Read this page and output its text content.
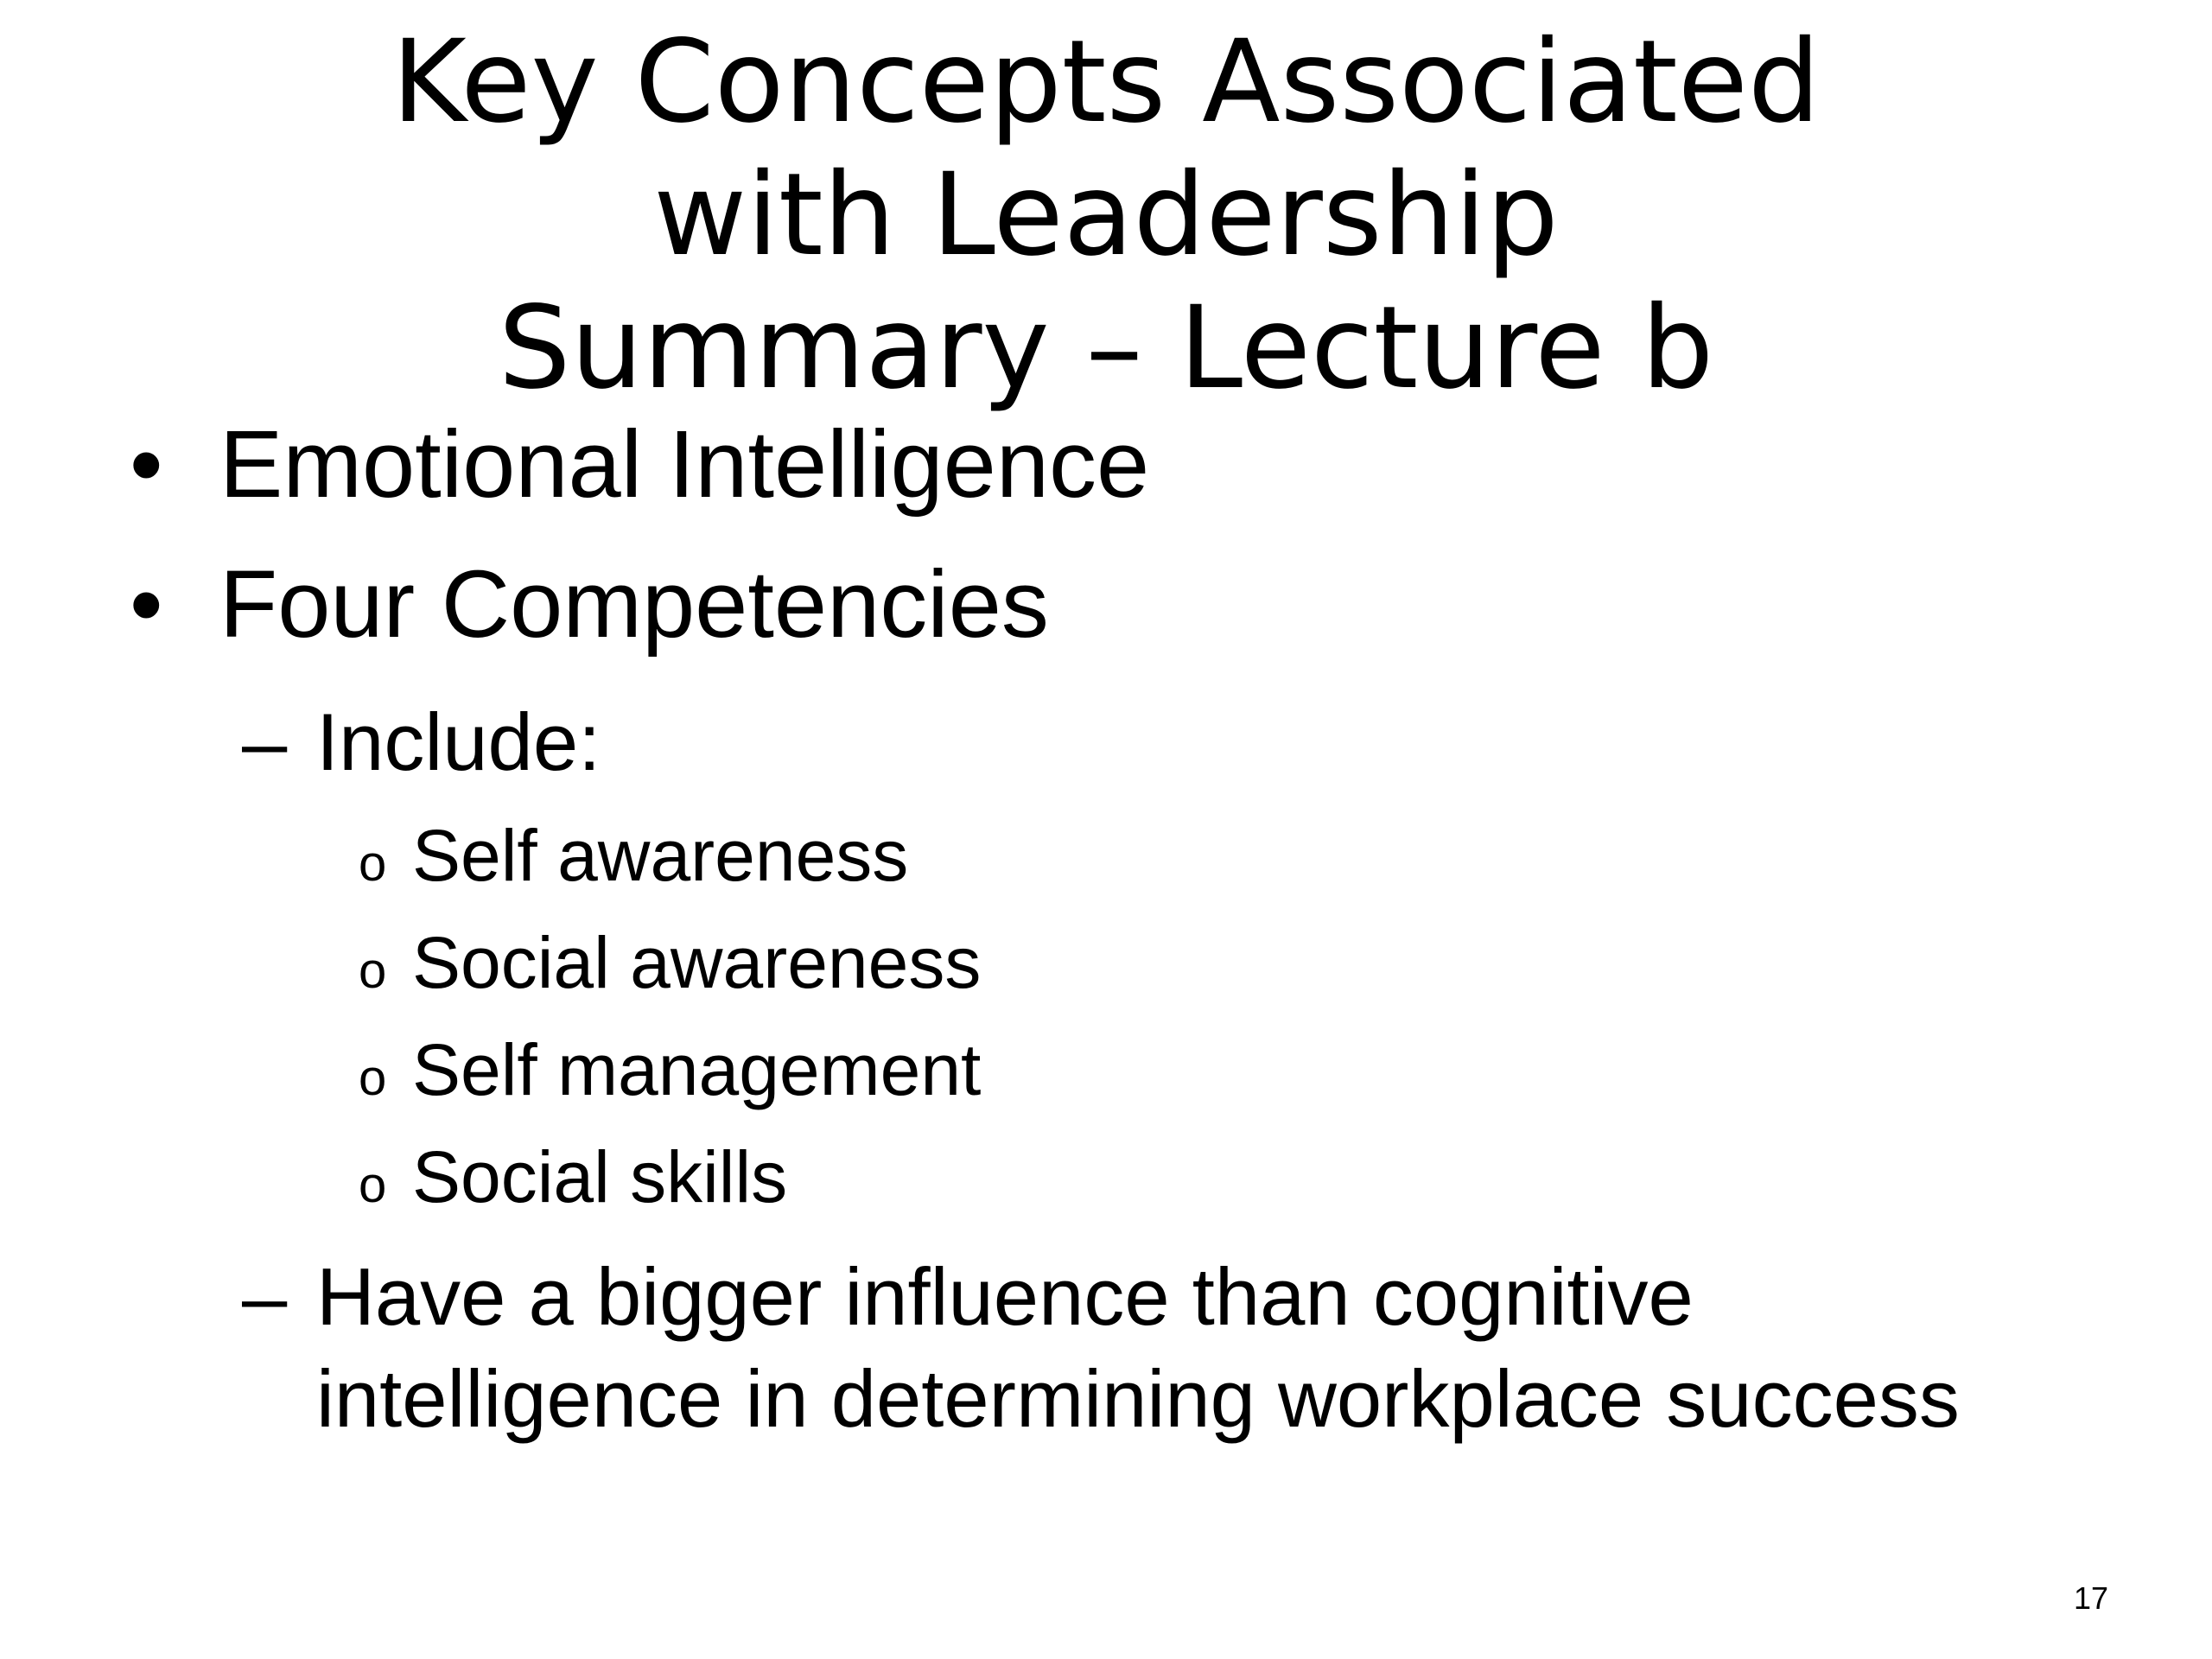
Key Concepts Associated
with Leadership
Summary – Lecture b
• Emotional Intelligence
• Four Competencies
– Include:
o Self awareness
o Social awareness
o Self management
o Social skills
– Have a bigger influence than cognitive
intelligence in determining workplace success
17
